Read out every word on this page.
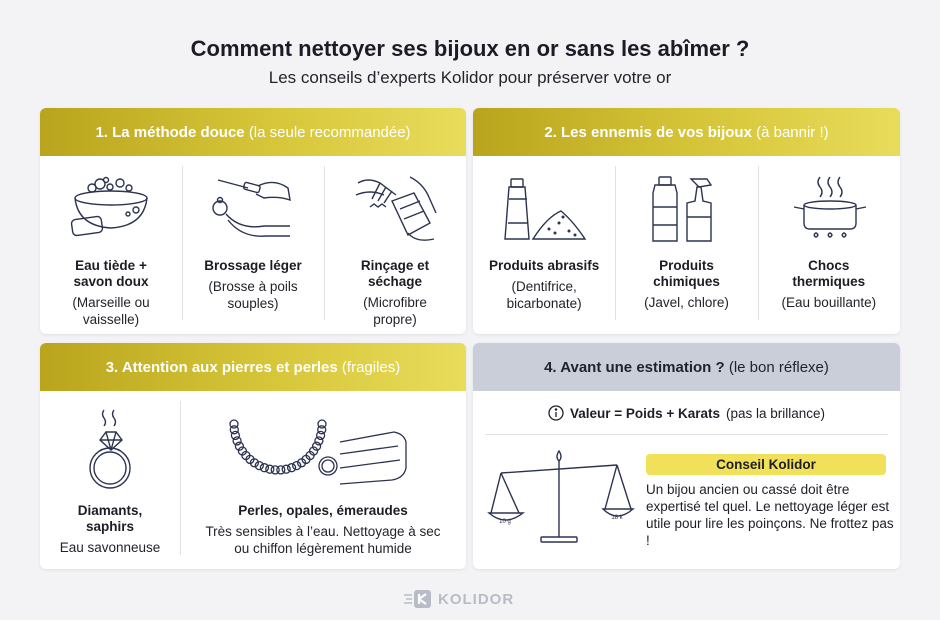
Comment nettoyer ses bijoux en or sans les abîmer ?
Les conseils d’experts Kolidor pour préserver votre or
1. La méthode douce
(la seule recommandée)
Eau tiède + savon doux
(Marseille ou vaisselle)
Brossage léger
(Brosse à poils souples)
Rinçage et séchage
(Microfibre propre)
2. Les ennemis de vos bijoux
(à bannir !)
Produits abrasifs
(Dentifrice, bicarbonate)
Produits chimiques
(Javel, chlore)
Chocs thermiques
(Eau bouillante)
3. Attention aux pierres et perles
(fragiles)
Diamants, saphirs
Eau savonneuse
Perles, opales, émeraudes
Très sensibles à l’eau. Nettoyage à sec ou chiffon légèrement humide
4. Avant une estimation ?
(le bon réflexe)
Valeur = Poids + Karats (pas la brillance)
10 g
18 k
Conseil Kolidor
Un bijou ancien ou cassé doit être expertisé tel quel. Le nettoyage léger est utile pour lire les poinçons. Ne frottez pas !
KOLIDOR
